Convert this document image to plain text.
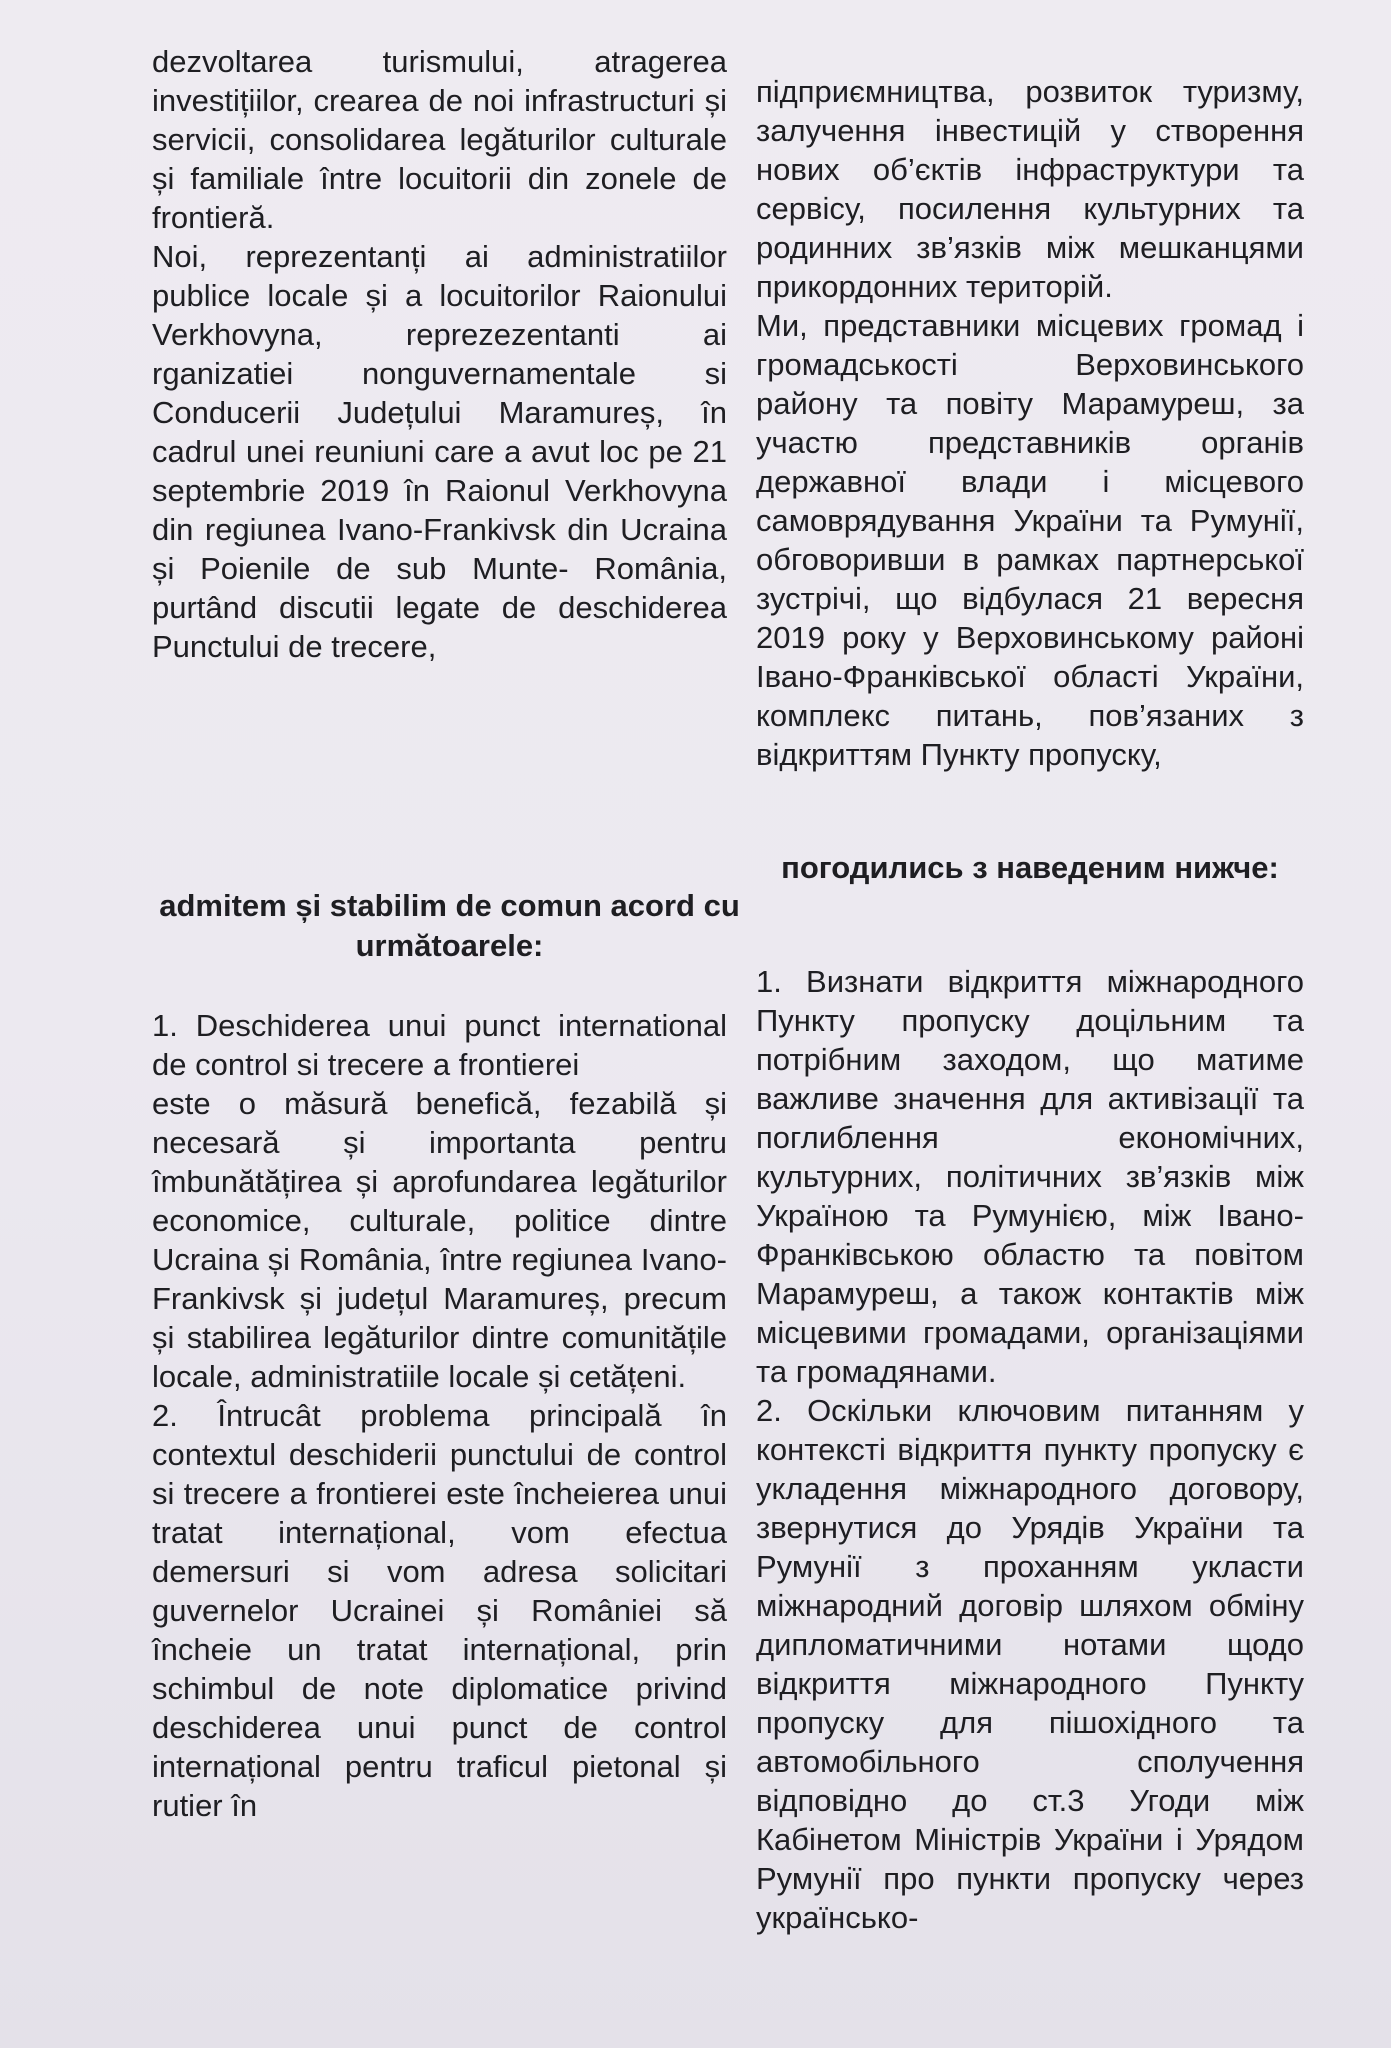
dezvoltarea turismului, atragerea investițiilor, crearea de noi infrastructuri și servicii, consolidarea legăturilor culturale și familiale între locuitorii din zonele de frontieră.

Noi, reprezentanți ai administratiilor publice locale și a locuitorilor Raionului Verkhovyna, reprezezentanti ai rganizatiei nonguvernamentale si Conducerii Județului Maramureș, în cadrul unei reuniuni care a avut loc pe 21 septembrie 2019 în Raionul Verkhovyna din regiunea Ivano-Frankivsk din Ucraina și Poienile de sub Munte- România, purtând discutii legate de deschiderea Punctului de trecere,

admitem și stabilim de comun acord cu următoarele:

1. Deschiderea unui punct international de control si trecere a frontierei

este o măsură benefică, fezabilă și necesară și importanta pentru îmbunătățirea și aprofundarea legăturilor economice, culturale, politice dintre Ucraina și România, între regiunea Ivano-Frankivsk și județul Maramureș, precum și stabilirea legăturilor dintre comunitățile locale, administratiile locale și cetățeni.

2. Întrucât problema principală în contextul deschiderii punctului de control si trecere a frontierei este încheierea unui tratat internațional, vom efectua demersuri si vom adresa solicitari guvernelor Ucrainei și României să încheie un tratat internațional, prin schimbul de note diplomatice privind deschiderea unui punct de control internațional pentru traficul pietonal și rutier în

підприємництва, розвиток туризму, залучення інвестицій у створення нових об’єктів інфраструктури та сервісу, посилення культурних та родинних зв’язків між мешканцями прикордонних територій.

Ми, представники місцевих громад і громадськості Верховинського району та повіту Марамуреш, за участю представників органів державної влади і місцевого самоврядування України та Румунії, обговоривши в рамках партнерської зустрічі, що відбулася 21 вересня 2019 року у Верховинському районі Івано-Франківської області України, комплекс питань, пов’язаних з відкриттям Пункту пропуску,

погодились з наведеним нижче:

1. Визнати відкриття міжнародного Пункту пропуску доцільним та потрібним заходом, що матиме важливе значення для активізації та поглиблення економічних, культурних, політичних зв’язків між Україною та Румунією, між Івано-Франківською областю та повітом Марамуреш, а також контактів між місцевими громадами, організаціями та громадянами.

2. Оскільки ключовим питанням у контексті відкриття пункту пропуску є укладення міжнародного договору, звернутися до Урядів України та Румунії з проханням укласти міжнародний договір шляхом обміну дипломатичними нотами щодо відкриття міжнародного Пункту пропуску для пішохідного та автомобільного сполучення відповідно до ст.3 Угоди між Кабінетом Міністрів України і Урядом Румунії про пункти пропуску через українсько-
